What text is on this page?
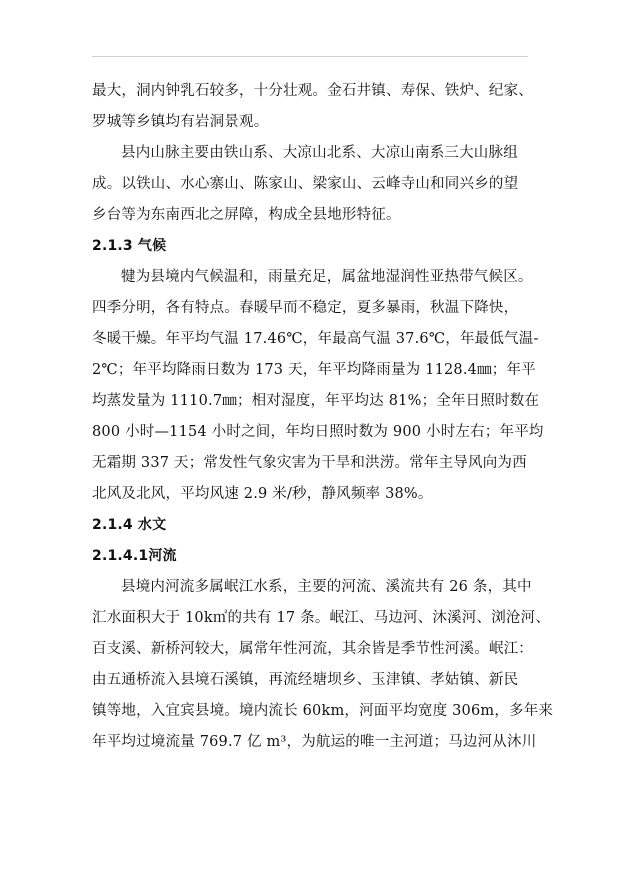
最大，洞内钟乳石较多，十分壮观。金石井镇、寿保、铁炉、纪家、
罗城等乡镇均有岩洞景观。
县内山脉主要由铁山系、大凉山北系、大凉山南系三大山脉组
成。以铁山、水心寨山、陈家山、梁家山、云峰寺山和同兴乡的望
乡台等为东南西北之屏障，构成全县地形特征。
2.1.3 气候
犍为县境内气候温和，雨量充足，属盆地湿润性亚热带气候区。
四季分明，各有特点。春暖早而不稳定，夏多暴雨，秋温下降快，
冬暖干燥。年平均气温 17.46℃，年最高气温 37.6℃，年最低气温-
2℃；年平均降雨日数为 173 天，年平均降雨量为 1128.4㎜；年平
均蒸发量为 1110.7㎜；相对湿度，年平均达 81%；全年日照时数在
800 小时—1154 小时之间，年均日照时数为 900 小时左右；年平均
无霜期 337 天；常发性气象灾害为干旱和洪涝。常年主导风向为西
北风及北风，平均风速 2.9 米/秒，静风频率 38%。
2.1.4 水文
2.1.4.1河流
县境内河流多属岷江水系，主要的河流、溪流共有 26 条，其中
汇水面积大于 10k㎡的共有 17 条。岷江、马边河、沐溪河、浏沧河、
百支溪、新桥河较大，属常年性河流，其余皆是季节性河溪。岷江：
由五通桥流入县境石溪镇，再流经塘坝乡、玉津镇、孝姑镇、新民
镇等地，入宜宾县境。境内流长 60km，河面平均宽度 306m，多年来
年平均过境流量 769.7 亿 m³，为航运的唯一主河道；马边河从沐川
